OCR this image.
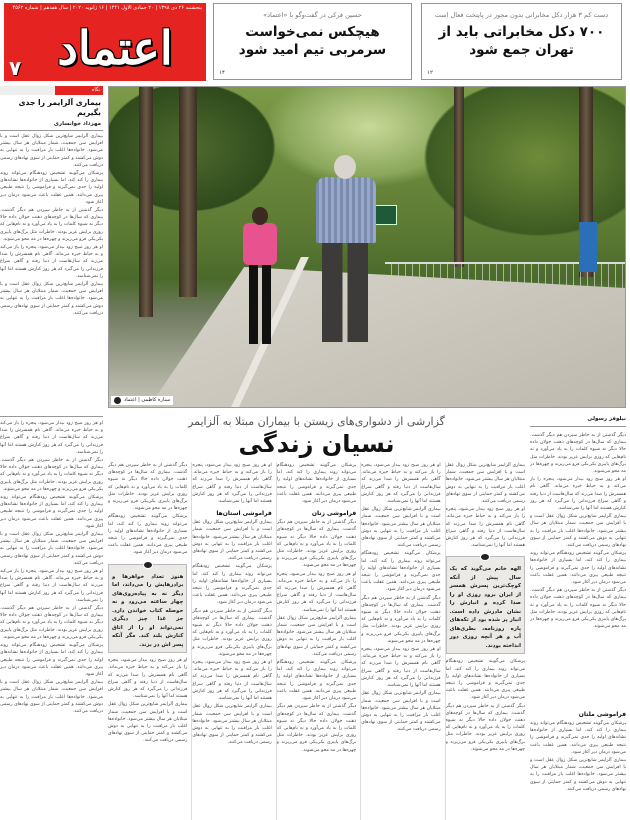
پنجشنبه ۲۶ دی ۱۳۹۸ | ۲۰ جمادی الاول ۱۴۴۱ | ۱۶ ژانویه ۲۰۲۰ | سال هفدهم | شماره ۴۵۶۲
اعتماد
۷
دست کم ۳ هزار دکل مخابراتی بدون مجوز در پایتخت فعال است
۷۰۰ دکل مخابراتی باید از تهران جمع شود
۱۲
حسین فرکی در گفت‌وگو با «اعتماد»
هیچکس نمی‌خواست سرمربی تیم امید شود
۱۴
نگاه
بیماری آلزایمر را جدی بگیریم
مهرداد خوانساری

بیماری آلزایمر شایع‌ترین شکل زوال عقل است و با افزایش سن جمعیت، شمار مبتلایان هر سال بیشتر می‌شود. خانواده‌ها اغلب بار مراقبت را به تنهایی به دوش می‌کشند و کمتر حمایتی از سوی نهادهای رسمی دریافت می‌کنند.

پزشکان می‌گویند تشخیص زودهنگام می‌تواند روند بیماری را کند کند، اما بسیاری از خانواده‌ها نشانه‌های اولیه را جدی نمی‌گیرند و فراموشی را نتیجه طبیعی پیری می‌دانند. همین غفلت باعث می‌شود درمان دیر آغاز شود.

دیگر گذشتن از به خاطر سپردن هم دیگر گذشت. بیماری که سال‌ها در کوچه‌های ذهنت جولان داده حالا دیگر نه شیوه کلمات را به یاد می‌آورد و نه نام‌هایی که روزی برایش عزیز بودند. خاطرات مثل برگ‌های پاییزی یکی‌یکی فرو می‌ریزند و چهره‌ها در مه محو می‌شوند.

او هر روز صبح زود بیدار می‌شود، پنجره را باز می‌کند و به حیاط خیره می‌ماند. گاهی نام همسرش را صدا می‌زند که سال‌هاست از دنیا رفته و گاهی سراغ فرزندانی را می‌گیرد که هر روز کنارش هستند اما آنها را نمی‌شناسد.

بیماری آلزایمر شایع‌ترین شکل زوال عقل است و با افزایش سن جمعیت، شمار مبتلایان هر سال بیشتر می‌شود. خانواده‌ها اغلب بار مراقبت را به تنهایی به دوش می‌کشند و کمتر حمایتی از سوی نهادهای رسمی دریافت می‌کنند.

ستاره کاظمی | اعتماد
گزارشی از دشواری‌های زیستن با بیماران مبتلا به آلزایمر
نسیان زندگی

بیماری آلزایمر شایع‌ترین شکل زوال عقل است و با افزایش سن جمعیت، شمار مبتلایان هر سال بیشتر می‌شود. خانواده‌ها اغلب بار مراقبت را به تنهایی به دوش می‌کشند و کمتر حمایتی از سوی نهادهای رسمی دریافت می‌کنند.

او هر روز صبح زود بیدار می‌شود، پنجره را باز می‌کند و به حیاط خیره می‌ماند. گاهی نام همسرش را صدا می‌زند که سال‌هاست از دنیا رفته و گاهی سراغ فرزندانی را می‌گیرد که هر روز کنارش هستند اما آنها را نمی‌شناسد.

الهه خانم می‌گوید که یک سال پیش از آنکه کوچک‌ترین پسرش همسر از ایران برود روزی او را صدا کرده و انبارش را نشان مادرش داده است. انبار پر شده بود از تکه‌های پاره روزنامه، بطری‌های آب و هر آنچه روزی دور انداخته بودند.

پزشکان می‌گویند تشخیص زودهنگام می‌تواند روند بیماری را کند کند، اما بسیاری از خانواده‌ها نشانه‌های اولیه را جدی نمی‌گیرند و فراموشی را نتیجه طبیعی پیری می‌دانند. همین غفلت باعث می‌شود درمان دیر آغاز شود.

دیگر گذشتن از به خاطر سپردن هم دیگر گذشت. بیماری که سال‌ها در کوچه‌های ذهنت جولان داده حالا دیگر نه شیوه کلمات را به یاد می‌آورد و نه نام‌هایی که روزی برایش عزیز بودند. خاطرات مثل برگ‌های پاییزی یکی‌یکی فرو می‌ریزند و چهره‌ها در مه محو می‌شوند.

او هر روز صبح زود بیدار می‌شود، پنجره را باز می‌کند و به حیاط خیره می‌ماند. گاهی نام همسرش را صدا می‌زند که سال‌هاست از دنیا رفته و گاهی سراغ فرزندانی را می‌گیرد که هر روز کنارش هستند اما آنها را نمی‌شناسد.

بیماری آلزایمر شایع‌ترین شکل زوال عقل است و با افزایش سن جمعیت، شمار مبتلایان هر سال بیشتر می‌شود. خانواده‌ها اغلب بار مراقبت را به تنهایی به دوش می‌کشند و کمتر حمایتی از سوی نهادهای رسمی دریافت می‌کنند.

پزشکان می‌گویند تشخیص زودهنگام می‌تواند روند بیماری را کند کند، اما بسیاری از خانواده‌ها نشانه‌های اولیه را جدی نمی‌گیرند و فراموشی را نتیجه طبیعی پیری می‌دانند. همین غفلت باعث می‌شود درمان دیر آغاز شود.

دیگر گذشتن از به خاطر سپردن هم دیگر گذشت. بیماری که سال‌ها در کوچه‌های ذهنت جولان داده حالا دیگر نه شیوه کلمات را به یاد می‌آورد و نه نام‌هایی که روزی برایش عزیز بودند. خاطرات مثل برگ‌های پاییزی یکی‌یکی فرو می‌ریزند و چهره‌ها در مه محو می‌شوند.

او هر روز صبح زود بیدار می‌شود، پنجره را باز می‌کند و به حیاط خیره می‌ماند. گاهی نام همسرش را صدا می‌زند که سال‌هاست از دنیا رفته و گاهی سراغ فرزندانی را می‌گیرد که هر روز کنارش هستند اما آنها را نمی‌شناسد.

بیماری آلزایمر شایع‌ترین شکل زوال عقل است و با افزایش سن جمعیت، شمار مبتلایان هر سال بیشتر می‌شود. خانواده‌ها اغلب بار مراقبت را به تنهایی به دوش می‌کشند و کمتر حمایتی از سوی نهادهای رسمی دریافت می‌کنند.

پزشکان می‌گویند تشخیص زودهنگام می‌تواند روند بیماری را کند کند، اما بسیاری از خانواده‌ها نشانه‌های اولیه را جدی نمی‌گیرند و فراموشی را نتیجه طبیعی پیری می‌دانند. همین غفلت باعث می‌شود درمان دیر آغاز شود.

فراموشی زنان

دیگر گذشتن از به خاطر سپردن هم دیگر گذشت. بیماری که سال‌ها در کوچه‌های ذهنت جولان داده حالا دیگر نه شیوه کلمات را به یاد می‌آورد و نه نام‌هایی که روزی برایش عزیز بودند. خاطرات مثل برگ‌های پاییزی یکی‌یکی فرو می‌ریزند و چهره‌ها در مه محو می‌شوند.

او هر روز صبح زود بیدار می‌شود، پنجره را باز می‌کند و به حیاط خیره می‌ماند. گاهی نام همسرش را صدا می‌زند که سال‌هاست از دنیا رفته و گاهی سراغ فرزندانی را می‌گیرد که هر روز کنارش هستند اما آنها را نمی‌شناسد.

بیماری آلزایمر شایع‌ترین شکل زوال عقل است و با افزایش سن جمعیت، شمار مبتلایان هر سال بیشتر می‌شود. خانواده‌ها اغلب بار مراقبت را به تنهایی به دوش می‌کشند و کمتر حمایتی از سوی نهادهای رسمی دریافت می‌کنند.

پزشکان می‌گویند تشخیص زودهنگام می‌تواند روند بیماری را کند کند، اما بسیاری از خانواده‌ها نشانه‌های اولیه را جدی نمی‌گیرند و فراموشی را نتیجه طبیعی پیری می‌دانند. همین غفلت باعث می‌شود درمان دیر آغاز شود.

دیگر گذشتن از به خاطر سپردن هم دیگر گذشت. بیماری که سال‌ها در کوچه‌های ذهنت جولان داده حالا دیگر نه شیوه کلمات را به یاد می‌آورد و نه نام‌هایی که روزی برایش عزیز بودند. خاطرات مثل برگ‌های پاییزی یکی‌یکی فرو می‌ریزند و چهره‌ها در مه محو می‌شوند.

او هر روز صبح زود بیدار می‌شود، پنجره را باز می‌کند و به حیاط خیره می‌ماند. گاهی نام همسرش را صدا می‌زند که سال‌هاست از دنیا رفته و گاهی سراغ فرزندانی را می‌گیرد که هر روز کنارش هستند اما آنها را نمی‌شناسد.

فراموشی استان‌ها

بیماری آلزایمر شایع‌ترین شکل زوال عقل است و با افزایش سن جمعیت، شمار مبتلایان هر سال بیشتر می‌شود. خانواده‌ها اغلب بار مراقبت را به تنهایی به دوش می‌کشند و کمتر حمایتی از سوی نهادهای رسمی دریافت می‌کنند.

پزشکان می‌گویند تشخیص زودهنگام می‌تواند روند بیماری را کند کند، اما بسیاری از خانواده‌ها نشانه‌های اولیه را جدی نمی‌گیرند و فراموشی را نتیجه طبیعی پیری می‌دانند. همین غفلت باعث می‌شود درمان دیر آغاز شود.

دیگر گذشتن از به خاطر سپردن هم دیگر گذشت. بیماری که سال‌ها در کوچه‌های ذهنت جولان داده حالا دیگر نه شیوه کلمات را به یاد می‌آورد و نه نام‌هایی که روزی برایش عزیز بودند. خاطرات مثل برگ‌های پاییزی یکی‌یکی فرو می‌ریزند و چهره‌ها در مه محو می‌شوند.

او هر روز صبح زود بیدار می‌شود، پنجره را باز می‌کند و به حیاط خیره می‌ماند. گاهی نام همسرش را صدا می‌زند که سال‌هاست از دنیا رفته و گاهی سراغ فرزندانی را می‌گیرد که هر روز کنارش هستند اما آنها را نمی‌شناسد.

بیماری آلزایمر شایع‌ترین شکل زوال عقل است و با افزایش سن جمعیت، شمار مبتلایان هر سال بیشتر می‌شود. خانواده‌ها اغلب بار مراقبت را به تنهایی به دوش می‌کشند و کمتر حمایتی از سوی نهادهای رسمی دریافت می‌کنند.

دیگر گذشتن از به خاطر سپردن هم دیگر گذشت. بیماری که سال‌ها در کوچه‌های ذهنت جولان داده حالا دیگر نه شیوه کلمات را به یاد می‌آورد و نه نام‌هایی که روزی برایش عزیز بودند. خاطرات مثل برگ‌های پاییزی یکی‌یکی فرو می‌ریزند و چهره‌ها در مه محو می‌شوند.

پزشکان می‌گویند تشخیص زودهنگام می‌تواند روند بیماری را کند کند، اما بسیاری از خانواده‌ها نشانه‌های اولیه را جدی نمی‌گیرند و فراموشی را نتیجه طبیعی پیری می‌دانند. همین غفلت باعث می‌شود درمان دیر آغاز شود.

هنوز تعداد خواهرها و برادرهایش را می‌داند، اما دیگر نه به پیاده‌روی‌های چهار ساعته می‌رود و نه حوصله کتاب خواندن دارد. جز غذا چیز دیگری نمی‌تواند او را از اتاق کنارش بلند کند. مگر آنکه پسر اش در بزند.

او هر روز صبح زود بیدار می‌شود، پنجره را باز می‌کند و به حیاط خیره می‌ماند. گاهی نام همسرش را صدا می‌زند که سال‌هاست از دنیا رفته و گاهی سراغ فرزندانی را می‌گیرد که هر روز کنارش هستند اما آنها را نمی‌شناسد.

بیماری آلزایمر شایع‌ترین شکل زوال عقل است و با افزایش سن جمعیت، شمار مبتلایان هر سال بیشتر می‌شود. خانواده‌ها اغلب بار مراقبت را به تنهایی به دوش می‌کشند و کمتر حمایتی از سوی نهادهای رسمی دریافت می‌کنند.

نیلوفر رسولی

دیگر گذشتن از به خاطر سپردن هم دیگر گذشت. بیماری که سال‌ها در کوچه‌های ذهنت جولان داده حالا دیگر نه شیوه کلمات را به یاد می‌آورد و نه نام‌هایی که روزی برایش عزیز بودند. خاطرات مثل برگ‌های پاییزی یکی‌یکی فرو می‌ریزند و چهره‌ها در مه محو می‌شوند.

او هر روز صبح زود بیدار می‌شود، پنجره را باز می‌کند و به حیاط خیره می‌ماند. گاهی نام همسرش را صدا می‌زند که سال‌هاست از دنیا رفته و گاهی سراغ فرزندانی را می‌گیرد که هر روز کنارش هستند اما آنها را نمی‌شناسد.

بیماری آلزایمر شایع‌ترین شکل زوال عقل است و با افزایش سن جمعیت، شمار مبتلایان هر سال بیشتر می‌شود. خانواده‌ها اغلب بار مراقبت را به تنهایی به دوش می‌کشند و کمتر حمایتی از سوی نهادهای رسمی دریافت می‌کنند.

پزشکان می‌گویند تشخیص زودهنگام می‌تواند روند بیماری را کند کند، اما بسیاری از خانواده‌ها نشانه‌های اولیه را جدی نمی‌گیرند و فراموشی را نتیجه طبیعی پیری می‌دانند. همین غفلت باعث می‌شود درمان دیر آغاز شود.

دیگر گذشتن از به خاطر سپردن هم دیگر گذشت. بیماری که سال‌ها در کوچه‌های ذهنت جولان داده حالا دیگر نه شیوه کلمات را به یاد می‌آورد و نه نام‌هایی که روزی برایش عزیز بودند. خاطرات مثل برگ‌های پاییزی یکی‌یکی فرو می‌ریزند و چهره‌ها در مه محو می‌شوند.

فراموشی ملتان

پزشکان می‌گویند تشخیص زودهنگام می‌تواند روند بیماری را کند کند، اما بسیاری از خانواده‌ها نشانه‌های اولیه را جدی نمی‌گیرند و فراموشی را نتیجه طبیعی پیری می‌دانند. همین غفلت باعث می‌شود درمان دیر آغاز شود.

بیماری آلزایمر شایع‌ترین شکل زوال عقل است و با افزایش سن جمعیت، شمار مبتلایان هر سال بیشتر می‌شود. خانواده‌ها اغلب بار مراقبت را به تنهایی به دوش می‌کشند و کمتر حمایتی از سوی نهادهای رسمی دریافت می‌کنند.

او هر روز صبح زود بیدار می‌شود، پنجره را باز می‌کند و به حیاط خیره می‌ماند. گاهی نام همسرش را صدا می‌زند که سال‌هاست از دنیا رفته و گاهی سراغ فرزندانی را می‌گیرد که هر روز کنارش هستند اما آنها را نمی‌شناسد.

دیگر گذشتن از به خاطر سپردن هم دیگر گذشت. بیماری که سال‌ها در کوچه‌های ذهنت جولان داده حالا دیگر نه شیوه کلمات را به یاد می‌آورد و نه نام‌هایی که روزی برایش عزیز بودند. خاطرات مثل برگ‌های پاییزی یکی‌یکی فرو می‌ریزند و چهره‌ها در مه محو می‌شوند.

پزشکان می‌گویند تشخیص زودهنگام می‌تواند روند بیماری را کند کند، اما بسیاری از خانواده‌ها نشانه‌های اولیه را جدی نمی‌گیرند و فراموشی را نتیجه طبیعی پیری می‌دانند. همین غفلت باعث می‌شود درمان دیر آغاز شود.

بیماری آلزایمر شایع‌ترین شکل زوال عقل است و با افزایش سن جمعیت، شمار مبتلایان هر سال بیشتر می‌شود. خانواده‌ها اغلب بار مراقبت را به تنهایی به دوش می‌کشند و کمتر حمایتی از سوی نهادهای رسمی دریافت می‌کنند.

او هر روز صبح زود بیدار می‌شود، پنجره را باز می‌کند و به حیاط خیره می‌ماند. گاهی نام همسرش را صدا می‌زند که سال‌هاست از دنیا رفته و گاهی سراغ فرزندانی را می‌گیرد که هر روز کنارش هستند اما آنها را نمی‌شناسد.

دیگر گذشتن از به خاطر سپردن هم دیگر گذشت. بیماری که سال‌ها در کوچه‌های ذهنت جولان داده حالا دیگر نه شیوه کلمات را به یاد می‌آورد و نه نام‌هایی که روزی برایش عزیز بودند. خاطرات مثل برگ‌های پاییزی یکی‌یکی فرو می‌ریزند و چهره‌ها در مه محو می‌شوند.

پزشکان می‌گویند تشخیص زودهنگام می‌تواند روند بیماری را کند کند، اما بسیاری از خانواده‌ها نشانه‌های اولیه را جدی نمی‌گیرند و فراموشی را نتیجه طبیعی پیری می‌دانند. همین غفلت باعث می‌شود درمان دیر آغاز شود.

بیماری آلزایمر شایع‌ترین شکل زوال عقل است و با افزایش سن جمعیت، شمار مبتلایان هر سال بیشتر می‌شود. خانواده‌ها اغلب بار مراقبت را به تنهایی به دوش می‌کشند و کمتر حمایتی از سوی نهادهای رسمی دریافت می‌کنند.
